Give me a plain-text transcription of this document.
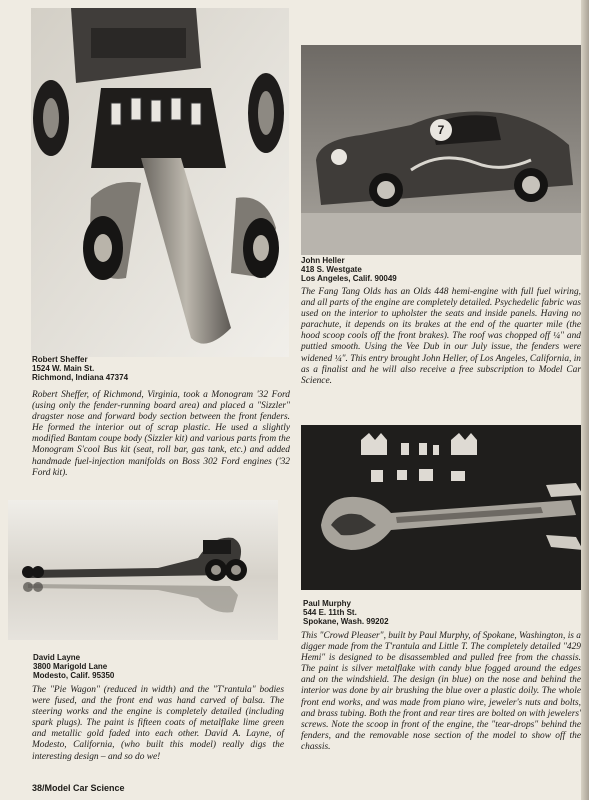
Robert Sheffer
1524 W. Main St.
Richmond, Indiana 47374

Robert Sheffer, of Richmond, Virginia, took a Monogram '32 Ford (using only the fender-running board area) and placed a "Sizzler" dragster nose and forward body section between the front fenders. He formed the interior out of scrap plastic. He used a slightly modified Bantam coupe body (Sizzler kit) and various parts from the Monogram S'cool Bus kit (seat, roll bar, gas tank, etc.) and added handmade fuel-injection manifolds on Boss 302 Ford engines ('32 Ford kit).

7
John Heller
418 S. Westgate
Los Angeles, Calif. 90049

The Fang Tang Olds has an Olds 448 hemi-engine with full fuel wiring, and all parts of the engine are completely detailed. Psychedelic fabric was used on the interior to upholster the seats and inside panels. Having no parachute, it depends on its brakes at the end of the quarter mile (the hood scoop cools off the front brakes). The roof was chopped off ¼" and puttied smooth. Using the Vee Dub in our July issue, the fenders were widened ¼". This entry brought John Heller, of Los Angeles, California, in as a finalist and he will also receive a free subscription to Model Car Science.

David Layne
3800 Marigold Lane
Modesto, Calif. 95350

The "Pie Wagon" (reduced in width) and the "T'rantula" bodies were fused, and the front end was hand carved of balsa. The steering works and the engine is completely detailed (including spark plugs). The paint is fifteen coats of metalflake lime green and metallic gold faded into each other. David A. Layne, of Modesto, California, (who built this model) really digs the interesting design – and so do we!

Paul Murphy
544 E. 11th St.
Spokane, Wash. 99202

This "Crowd Pleaser", built by Paul Murphy, of Spokane, Washington, is a digger made from the T'rantula and Little T. The completely detailed "429 Hemi" is designed to be disassembled and pulled free from the chassis. The paint is silver metalflake with candy blue fogged around the edges and on the windshield. The design (in blue) on the nose and behind the interior was done by air brushing the blue over a plastic doily. The whole front end works, and was made from piano wire, jeweler's nuts and bolts, and brass tubing. Both the front and rear tires are bolted on with jewelers' screws. Note the scoop in front of the engine, the "tear-drops" behind the fenders, and the removable nose section of the model to show off the chassis.

38/Model Car Science
